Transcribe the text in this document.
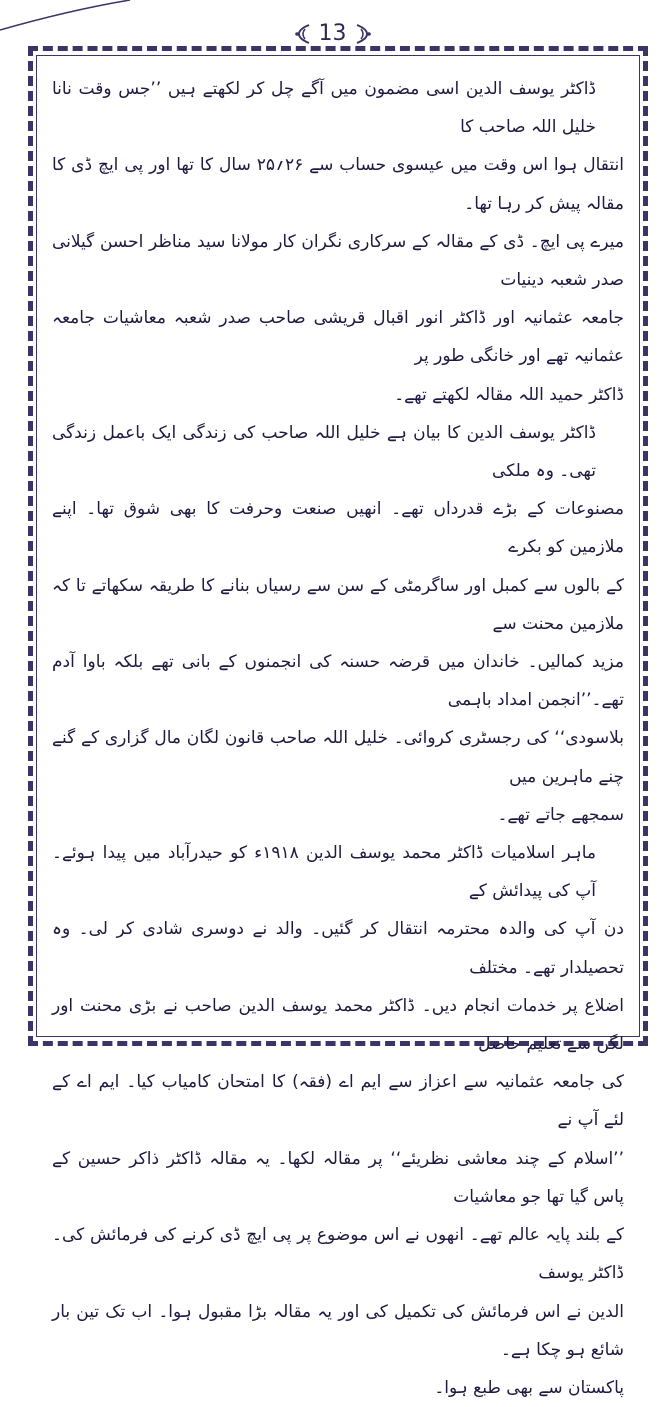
13
ڈاکٹر یوسف الدین اسی مضمون میں آگے چل کر لکھتے ہیں ’’جس وقت نانا خلیل اللہ صاحب کا
انتقال ہوا اس وقت میں عیسوی حساب سے ۲۶؍۲۵ سال کا تھا اور پی ایچ ڈی کا مقالہ پیش کر رہا تھا۔
میرے پی ایچ۔ ڈی کے مقالہ کے سرکاری نگران کار مولانا سید مناظر احسن گیلانی صدر شعبہ دینیات
جامعہ عثمانیہ اور ڈاکٹر انور اقبال قریشی صاحب صدر شعبہ معاشیات جامعہ عثمانیہ تھے اور خانگی طور پر
ڈاکٹر حمید اللہ مقالہ لکھتے تھے۔
ڈاکٹر یوسف الدین کا بیان ہے خلیل اللہ صاحب کی زندگی ایک باعمل زندگی تھی۔ وہ ملکی
مصنوعات کے بڑے قدرداں تھے۔ انھیں صنعت وحرفت کا بھی شوق تھا۔ اپنے ملازمین کو بکرے
کے بالوں سے کمبل اور ساگرمٹی کے سن سے رسیاں بنانے کا طریقہ سکھاتے تا کہ ملازمین محنت سے
مزید کمالیں۔ خاندان میں قرضہ حسنہ کی انجمنوں کے بانی تھے بلکہ باوا آدم تھے۔’’انجمن امداد باہمی
بلاسودی‘‘ کی رجسٹری کروائی۔ خلیل اللہ صاحب قانون لگان مال گزاری کے گنے چنے ماہرین میں
سمجھے جاتے تھے۔
ماہر اسلامیات ڈاکٹر محمد یوسف الدین ۱۹۱۸ء کو حیدرآباد میں پیدا ہوئے۔ آپ کی پیدائش کے
دن آپ کی والدہ محترمہ انتقال کر گئیں۔ والد نے دوسری شادی کر لی۔ وہ تحصیلدار تھے۔ مختلف
اضلاع پر خدمات انجام دیں۔ ڈاکٹر محمد یوسف الدین صاحب نے بڑی محنت اور لگن سے تعلیم حاصل
کی جامعہ عثمانیہ سے اعزاز سے ایم اے (فقہ) کا امتحان کامیاب کیا۔ ایم اے کے لئے آپ نے
’’اسلام کے چند معاشی نظریئے‘‘ پر مقالہ لکھا۔ یہ مقالہ ڈاکٹر ذاکر حسین کے پاس گیا تھا جو معاشیات
کے بلند پایہ عالم تھے۔ انھوں نے اس موضوع پر پی ایچ ڈی کرنے کی فرمائش کی۔ ڈاکٹر یوسف
الدین نے اس فرمائش کی تکمیل کی اور یہ مقالہ بڑا مقبول ہوا۔ اب تک تین بار شائع ہو چکا ہے۔
پاکستان سے بھی طبع ہوا۔
